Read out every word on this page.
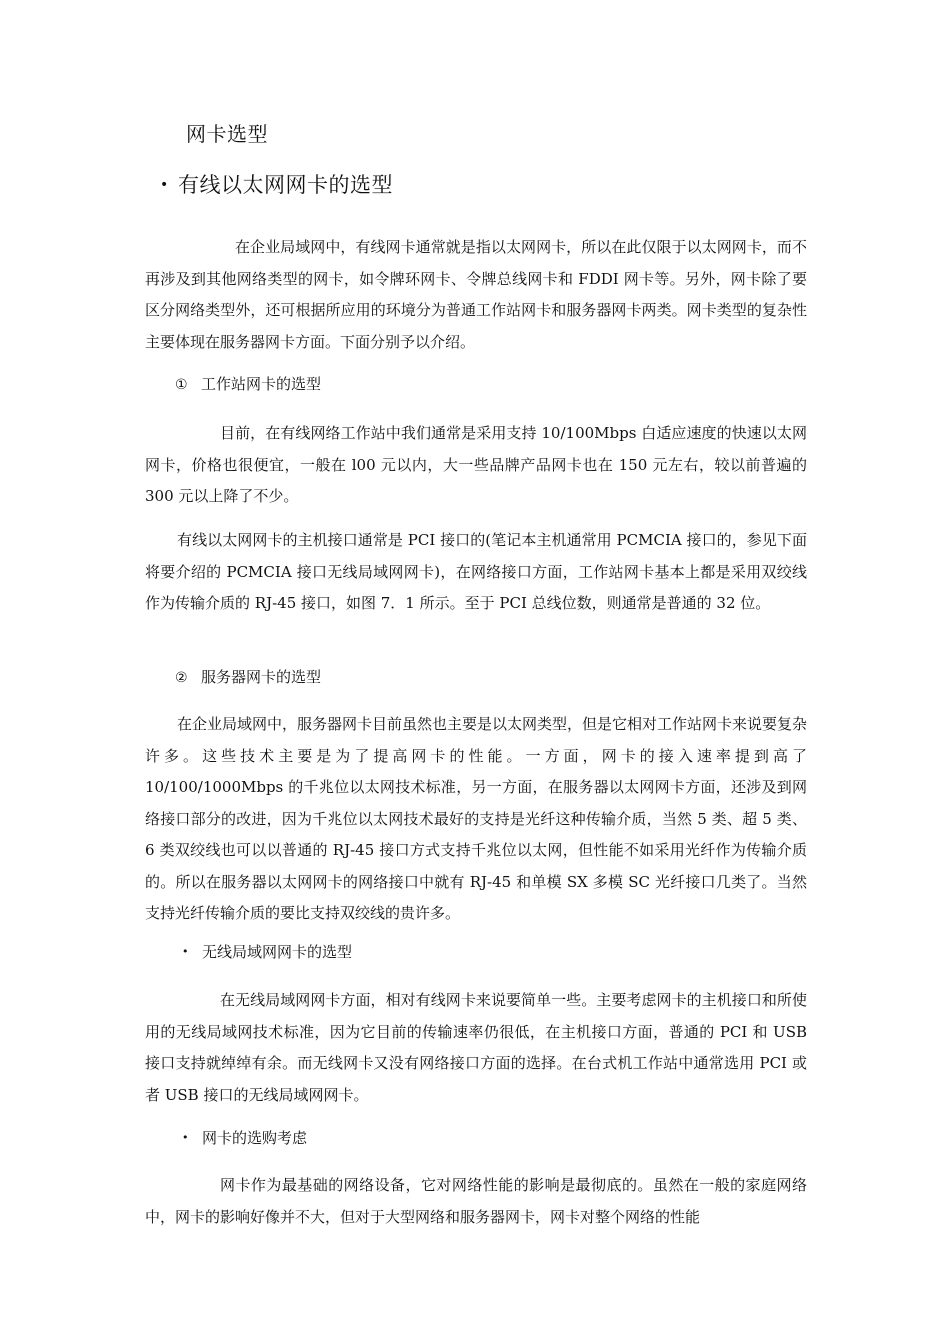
网卡选型
• 有线以太网网卡的选型

在企业局域网中，有线网卡通常就是指以太网网卡，所以在此仅限于以太网网卡，而不再涉及到其他网络类型的网卡，如令牌环网卡、令牌总线网卡和 FDDI 网卡等。另外，网卡除了要区分网络类型外，还可根据所应用的环境分为普通工作站网卡和服务器网卡两类。网卡类型的复杂性主要体现在服务器网卡方面。下面分别予以介绍。

① 工作站网卡的选型

目前，在有线网络工作站中我们通常是采用支持 10/100Mbps 白适应速度的快速以太网网卡，价格也很便宜，一般在 l00 元以内，大一些品牌产品网卡也在 150 元左右，较以前普遍的 300 元以上降了不少。

有线以太网网卡的主机接口通常是 PCI 接口的(笔记本主机通常用 PCMCIA 接口的，参见下面将要介绍的 PCMCIA 接口无线局域网网卡)，在网络接口方面，工作站网卡基本上都是采用双绞线作为传输介质的 RJ-45 接口，如图 7．1 所示。至于 PCI 总线位数，则通常是普通的 32 位。

② 服务器网卡的选型

在企业局域网中，服务器网卡目前虽然也主要是以太网类型，但是它相对工作站网卡来说要复杂许多。这些技术主要是为了提高网卡的性能。一方面，网卡的接入速率提到高了 10/100/1000Mbps 的千兆位以太网技术标准，另一方面，在服务器以太网网卡方面，还涉及到网络接口部分的改进，因为千兆位以太网技术最好的支持是光纤这种传输介质，当然 5 类、超 5 类、6 类双绞线也可以以普通的 RJ-45 接口方式支持千兆位以太网，但性能不如采用光纤作为传输介质的。所以在服务器以太网网卡的网络接口中就有 RJ-45 和单模 SX 多模 SC 光纤接口几类了。当然支持光纤传输介质的要比支持双绞线的贵许多。

• 无线局域网网卡的选型

在无线局域网网卡方面，相对有线网卡来说要简单一些。主要考虑网卡的主机接口和所使用的无线局域网技术标准，因为它目前的传输速率仍很低，在主机接口方面，普通的 PCI 和 USB 接口支持就绰绰有余。而无线网卡又没有网络接口方面的选择。在台式机工作站中通常选用 PCI 或者 USB 接口的无线局域网网卡。

• 网卡的选购考虑

网卡作为最基础的网络设备，它对网络性能的影响是最彻底的。虽然在一般的家庭网络中，网卡的影响好像并不大，但对于大型网络和服务器网卡，网卡对整个网络的性能
